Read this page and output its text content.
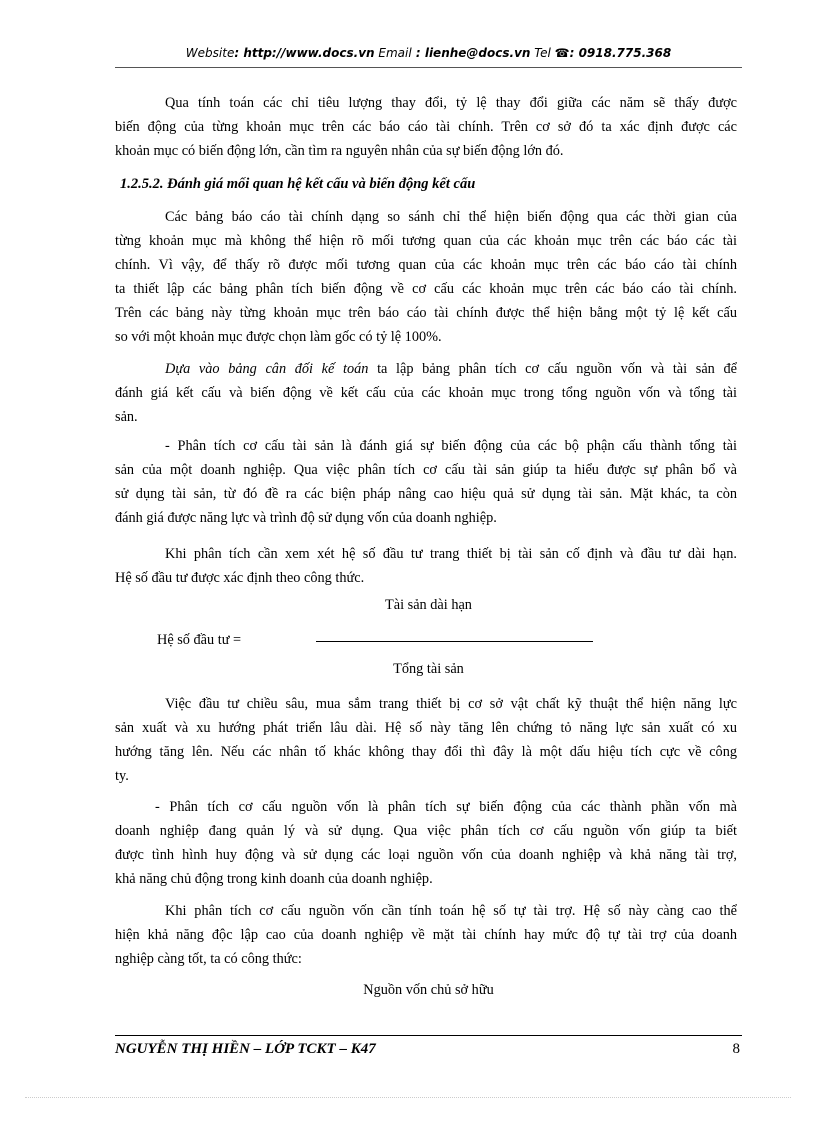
Website: http://www.docs.vn Email : lienhe@docs.vn Tel ☎: 0918.775.368
Qua tính toán các chỉ tiêu lượng thay đổi, tỷ lệ thay đổi giữa các năm sẽ thấy được
biến động của từng khoản mục trên các báo cáo tài chính. Trên cơ sở đó ta xác định được các
khoản mục có biến động lớn, cần tìm ra nguyên nhân của sự biến động lớn đó.
1.2.5.2. Đánh giá mối quan hệ kết cấu và biến động kết cấu
Các bảng báo cáo tài chính dạng so sánh chỉ thể hiện biến động qua các thời gian của
từng khoản mục mà không thể hiện rõ mối tương quan của các khoản mục trên các báo các tài
chính. Vì vậy, để thấy rõ được mối tương quan của các khoản mục trên các báo cáo tài chính
ta thiết lập các bảng phân tích biến động về cơ cấu các khoản mục trên các báo cáo tài chính.
Trên các bảng này từng khoản mục trên báo cáo tài chính được thể hiện bằng một tỷ lệ kết cấu
so với một khoản mục được chọn làm gốc có tỷ lệ 100%.
Dựa vào bảng cân đối kế toán ta lập bảng phân tích cơ cấu nguồn vốn và tài sản để
đánh giá kết cấu và biến động về kết cấu của các khoản mục trong tổng nguồn vốn và tổng tài
sản.
- Phân tích cơ cấu tài sản là đánh giá sự biến động của các bộ phận cấu thành tổng tài
sản của một doanh nghiệp. Qua việc phân tích cơ cấu tài sản giúp ta hiểu được sự phân bổ và
sử dụng tài sản, từ đó đề ra các biện pháp nâng cao hiệu quả sử dụng tài sản. Mặt khác, ta còn
đánh giá được năng lực và trình độ sử dụng vốn của doanh nghiệp.
Khi phân tích cần xem xét hệ số đầu tư trang thiết bị tài sản cố định và đầu tư dài hạn.
Hệ số đầu tư được xác định theo công thức.
Tài sản dài hạn
Hệ số đầu tư =
Tổng tài sản
Việc đầu tư chiều sâu, mua sắm trang thiết bị cơ sở vật chất kỹ thuật thể hiện năng lực
sản xuất và xu hướng phát triển lâu dài. Hệ số này tăng lên chứng tỏ năng lực sản xuất có xu
hướng tăng lên. Nếu các nhân tố khác không thay đổi thì đây là một dấu hiệu tích cực về công
ty.
- Phân tích cơ cấu nguồn vốn là phân tích sự biến động của các thành phần vốn mà
doanh nghiệp đang quản lý và sử dụng. Qua việc phân tích cơ cấu nguồn vốn giúp ta biết
được tình hình huy động và sử dụng các loại nguồn vốn của doanh nghiệp và khả năng tài trợ,
khả năng chủ động trong kinh doanh của doanh nghiệp.
Khi phân tích cơ cấu nguồn vốn cần tính toán hệ số tự tài trợ. Hệ số này càng cao thể
hiện khả năng độc lập cao của doanh nghiệp về mặt tài chính hay mức độ tự tài trợ của doanh
nghiệp càng tốt, ta có công thức:
Nguồn vốn chủ sở hữu
NGUYỄN THỊ HIỀN – LỚP TCKT – K47	8
